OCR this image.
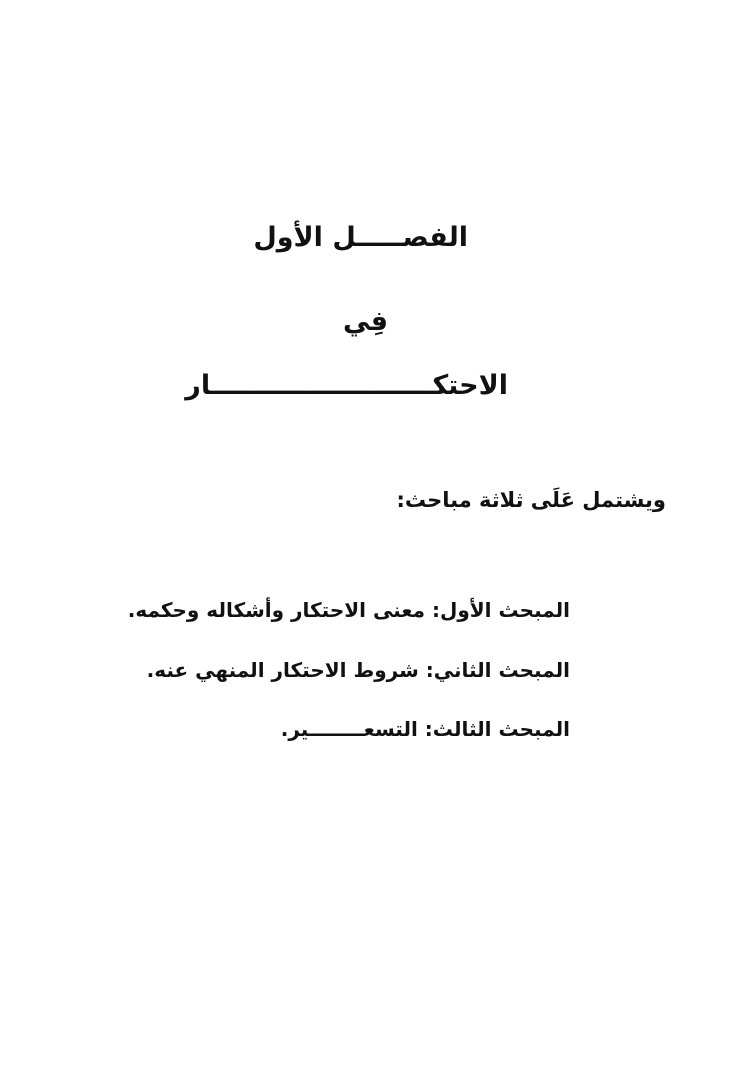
الفصـــــل الأول
فِي
الاحتكــــــــــــــــــــــــار
ويشتمل عَلَى ثلاثة مباحث:
المبحث الأول: معنى الاحتكار وأشكاله وحكمه.
المبحث الثاني: شروط الاحتكار المنهي عنه.
المبحث الثالث: التسعــــــــير.
